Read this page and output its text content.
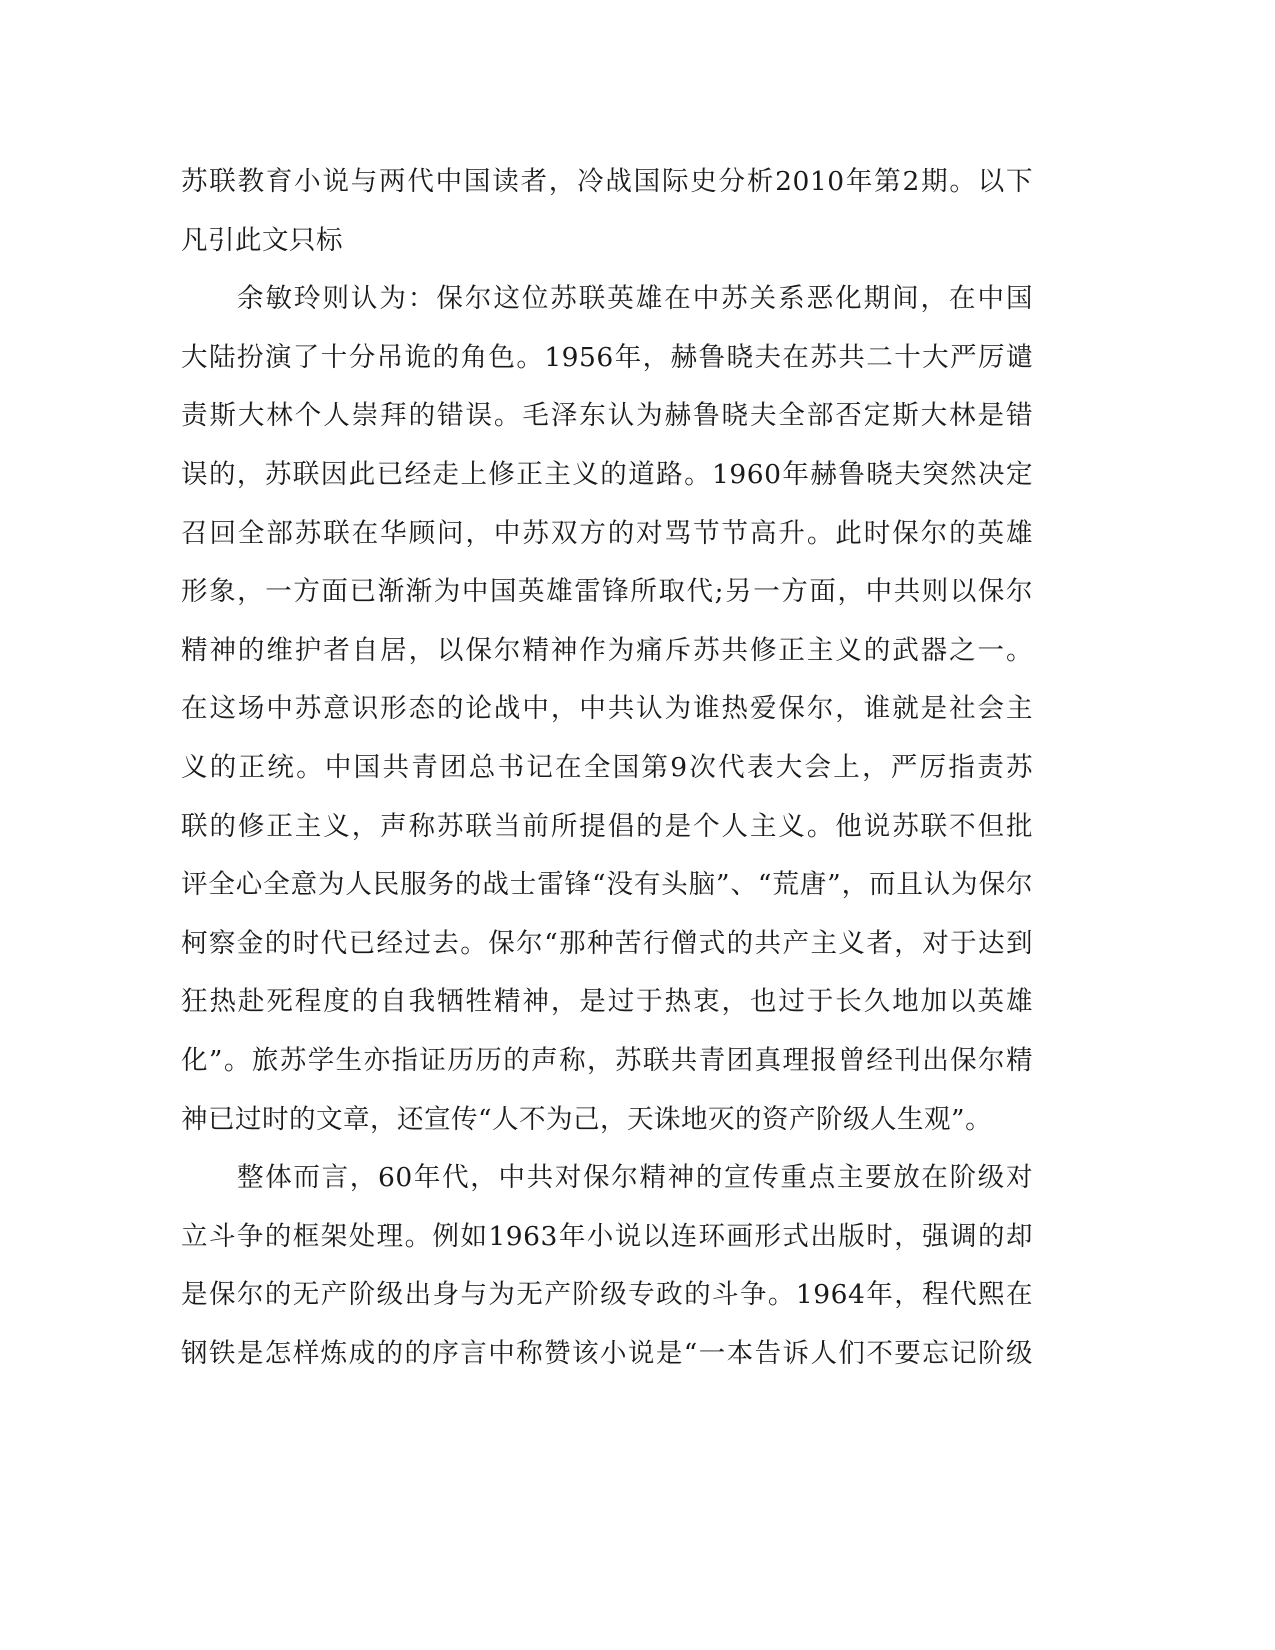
苏联教育小说与两代中国读者，冷战国际史分析2010年第2期。以下
凡引此文只标
余敏玲则认为：保尔这位苏联英雄在中苏关系恶化期间，在中国
大陆扮演了十分吊诡的角色。1956年，赫鲁晓夫在苏共二十大严厉谴
责斯大林个人崇拜的错误。毛泽东认为赫鲁晓夫全部否定斯大林是错
误的，苏联因此已经走上修正主义的道路。1960年赫鲁晓夫突然决定
召回全部苏联在华顾问，中苏双方的对骂节节高升。此时保尔的英雄
形象，一方面已渐渐为中国英雄雷锋所取代;另一方面，中共则以保尔
精神的维护者自居，以保尔精神作为痛斥苏共修正主义的武器之一。
在这场中苏意识形态的论战中，中共认为谁热爱保尔，谁就是社会主
义的正统。中国共青团总书记在全国第9次代表大会上，严厉指责苏
联的修正主义，声称苏联当前所提倡的是个人主义。他说苏联不但批
评全心全意为人民服务的战士雷锋“没有头脑”、“荒唐”，而且认为保尔
柯察金的时代已经过去。保尔“那种苦行僧式的共产主义者，对于达到
狂热赴死程度的自我牺牲精神，是过于热衷，也过于长久地加以英雄
化”。旅苏学生亦指证历历的声称，苏联共青团真理报曾经刊出保尔精
神已过时的文章，还宣传“人不为己，天诛地灭的资产阶级人生观”。
整体而言，60年代，中共对保尔精神的宣传重点主要放在阶级对
立斗争的框架处理。例如1963年小说以连环画形式出版时，强调的却
是保尔的无产阶级出身与为无产阶级专政的斗争。1964年，程代熙在
钢铁是怎样炼成的的序言中称赞该小说是“一本告诉人们不要忘记阶级
